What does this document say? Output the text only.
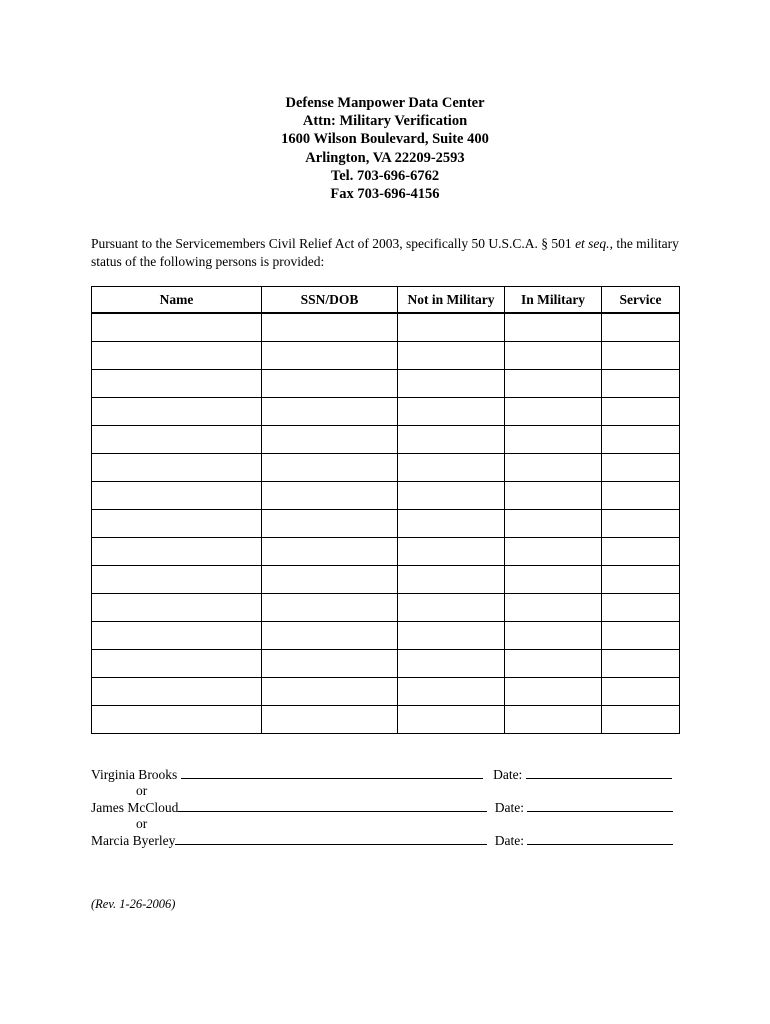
Defense Manpower Data Center
Attn: Military Verification
1600 Wilson Boulevard, Suite 400
Arlington, VA 22209-2593
Tel. 703-696-6762
Fax 703-696-4156

Pursuant to the Servicemembers Civil Relief Act of 2003, specifically 50 U.S.C.A. § 501 et seq., the military status of the following persons is provided:

Name	SSN/DOB	Not in Military	In Military	Service

Virginia Brooks	Date:
or
James McCloud	Date:
or
Marcia Byerley	Date:
(Rev. 1-26-2006)
